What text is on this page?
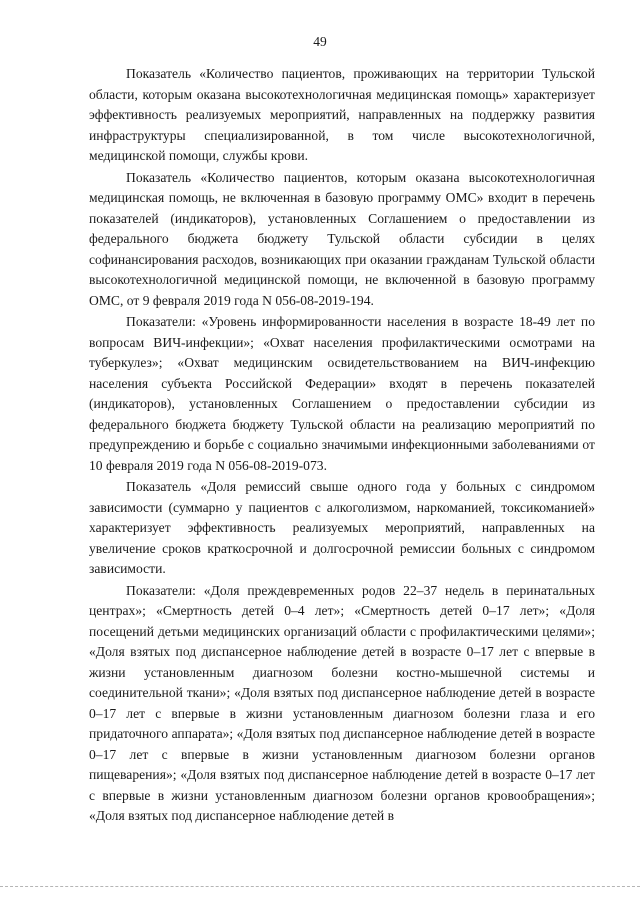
49

Показатель «Количество пациентов, проживающих на территории Тульской области, которым оказана высокотехнологичная медицинская помощь» характеризует эффективность реализуемых мероприятий, направленных на поддержку развития инфраструктуры специализированной, в том числе высокотехнологичной, медицинской помощи, службы крови.

Показатель «Количество пациентов, которым оказана высокотехнологичная медицинская помощь, не включенная в базовую программу ОМС» входит в перечень показателей (индикаторов), установленных Соглашением о предоставлении из федерального бюджета бюджету Тульской области субсидии в целях софинансирования расходов, возникающих при оказании гражданам Тульской области высокотехнологичной медицинской помощи, не включенной в базовую программу ОМС, от 9 февраля 2019 года N 056-08-2019-194.

Показатели: «Уровень информированности населения в возрасте 18-49 лет по вопросам ВИЧ-инфекции»; «Охват населения профилактическими осмотрами на туберкулез»; «Охват медицинским освидетельствованием на ВИЧ-инфекцию населения субъекта Российской Федерации» входят в перечень показателей (индикаторов), установленных Соглашением о предоставлении субсидии из федерального бюджета бюджету Тульской области на реализацию мероприятий по предупреждению и борьбе с социально значимыми инфекционными заболеваниями от 10 февраля 2019 года N 056-08-2019-073.

Показатель «Доля ремиссий свыше одного года у больных с синдромом зависимости (суммарно у пациентов с алкоголизмом, наркоманией, токсикоманией» характеризует эффективность реализуемых мероприятий, направленных на увеличение сроков краткосрочной и долгосрочной ремиссии больных с синдромом зависимости.

Показатели: «Доля преждевременных родов 22–37 недель в перинатальных центрах»; «Смертность детей 0–4 лет»; «Смертность детей 0–17 лет»; «Доля посещений детьми медицинских организаций области с профилактическими целями»; «Доля взятых под диспансерное наблюдение детей в возрасте 0–17 лет с впервые в жизни установленным диагнозом болезни костно-мышечной системы и соединительной ткани»; «Доля взятых под диспансерное наблюдение детей в возрасте 0–17 лет с впервые в жизни установленным диагнозом болезни глаза и его придаточного аппарата»; «Доля взятых под диспансерное наблюдение детей в возрасте 0–17 лет с впервые в жизни установленным диагнозом болезни органов пищеварения»; «Доля взятых под диспансерное наблюдение детей в возрасте 0–17 лет с впервые в жизни установленным диагнозом болезни органов кровообращения»; «Доля взятых под диспансерное наблюдение детей в
